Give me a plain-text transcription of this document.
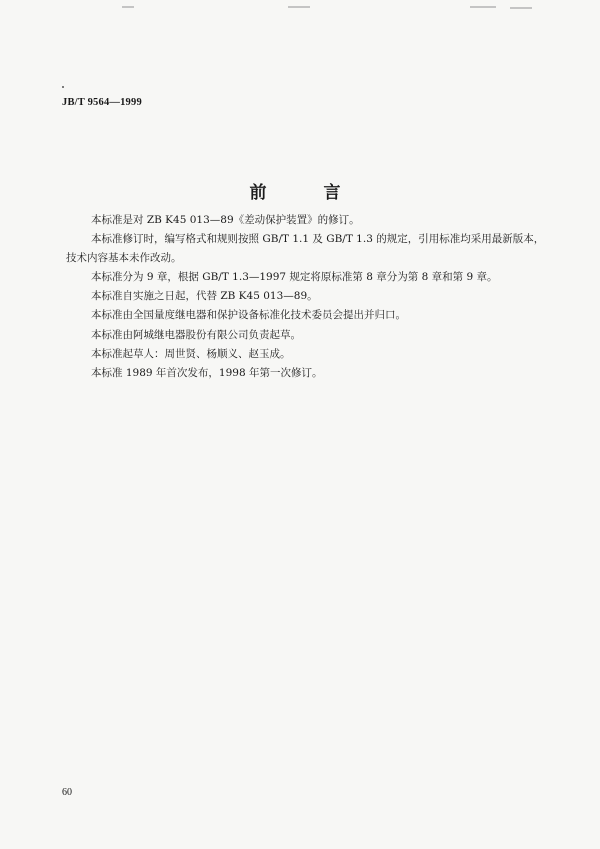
JB/T 9564—1999
前　言

本标准是对 ZB K45 013—89《差动保护装置》的修订。

本标准修订时，编写格式和规则按照 GB/T 1.1 及 GB/T 1.3 的规定，引用标准均采用最新版本，

技术内容基本未作改动。

本标准分为 9 章，根据 GB/T 1.3—1997 规定将原标准第 8 章分为第 8 章和第 9 章。

本标准自实施之日起，代替 ZB K45 013—89。

本标准由全国量度继电器和保护设备标准化技术委员会提出并归口。

本标准由阿城继电器股份有限公司负责起草。

本标准起草人：周世贤、杨顺义、赵玉成。

本标准 1989 年首次发布，1998 年第一次修订。

60
